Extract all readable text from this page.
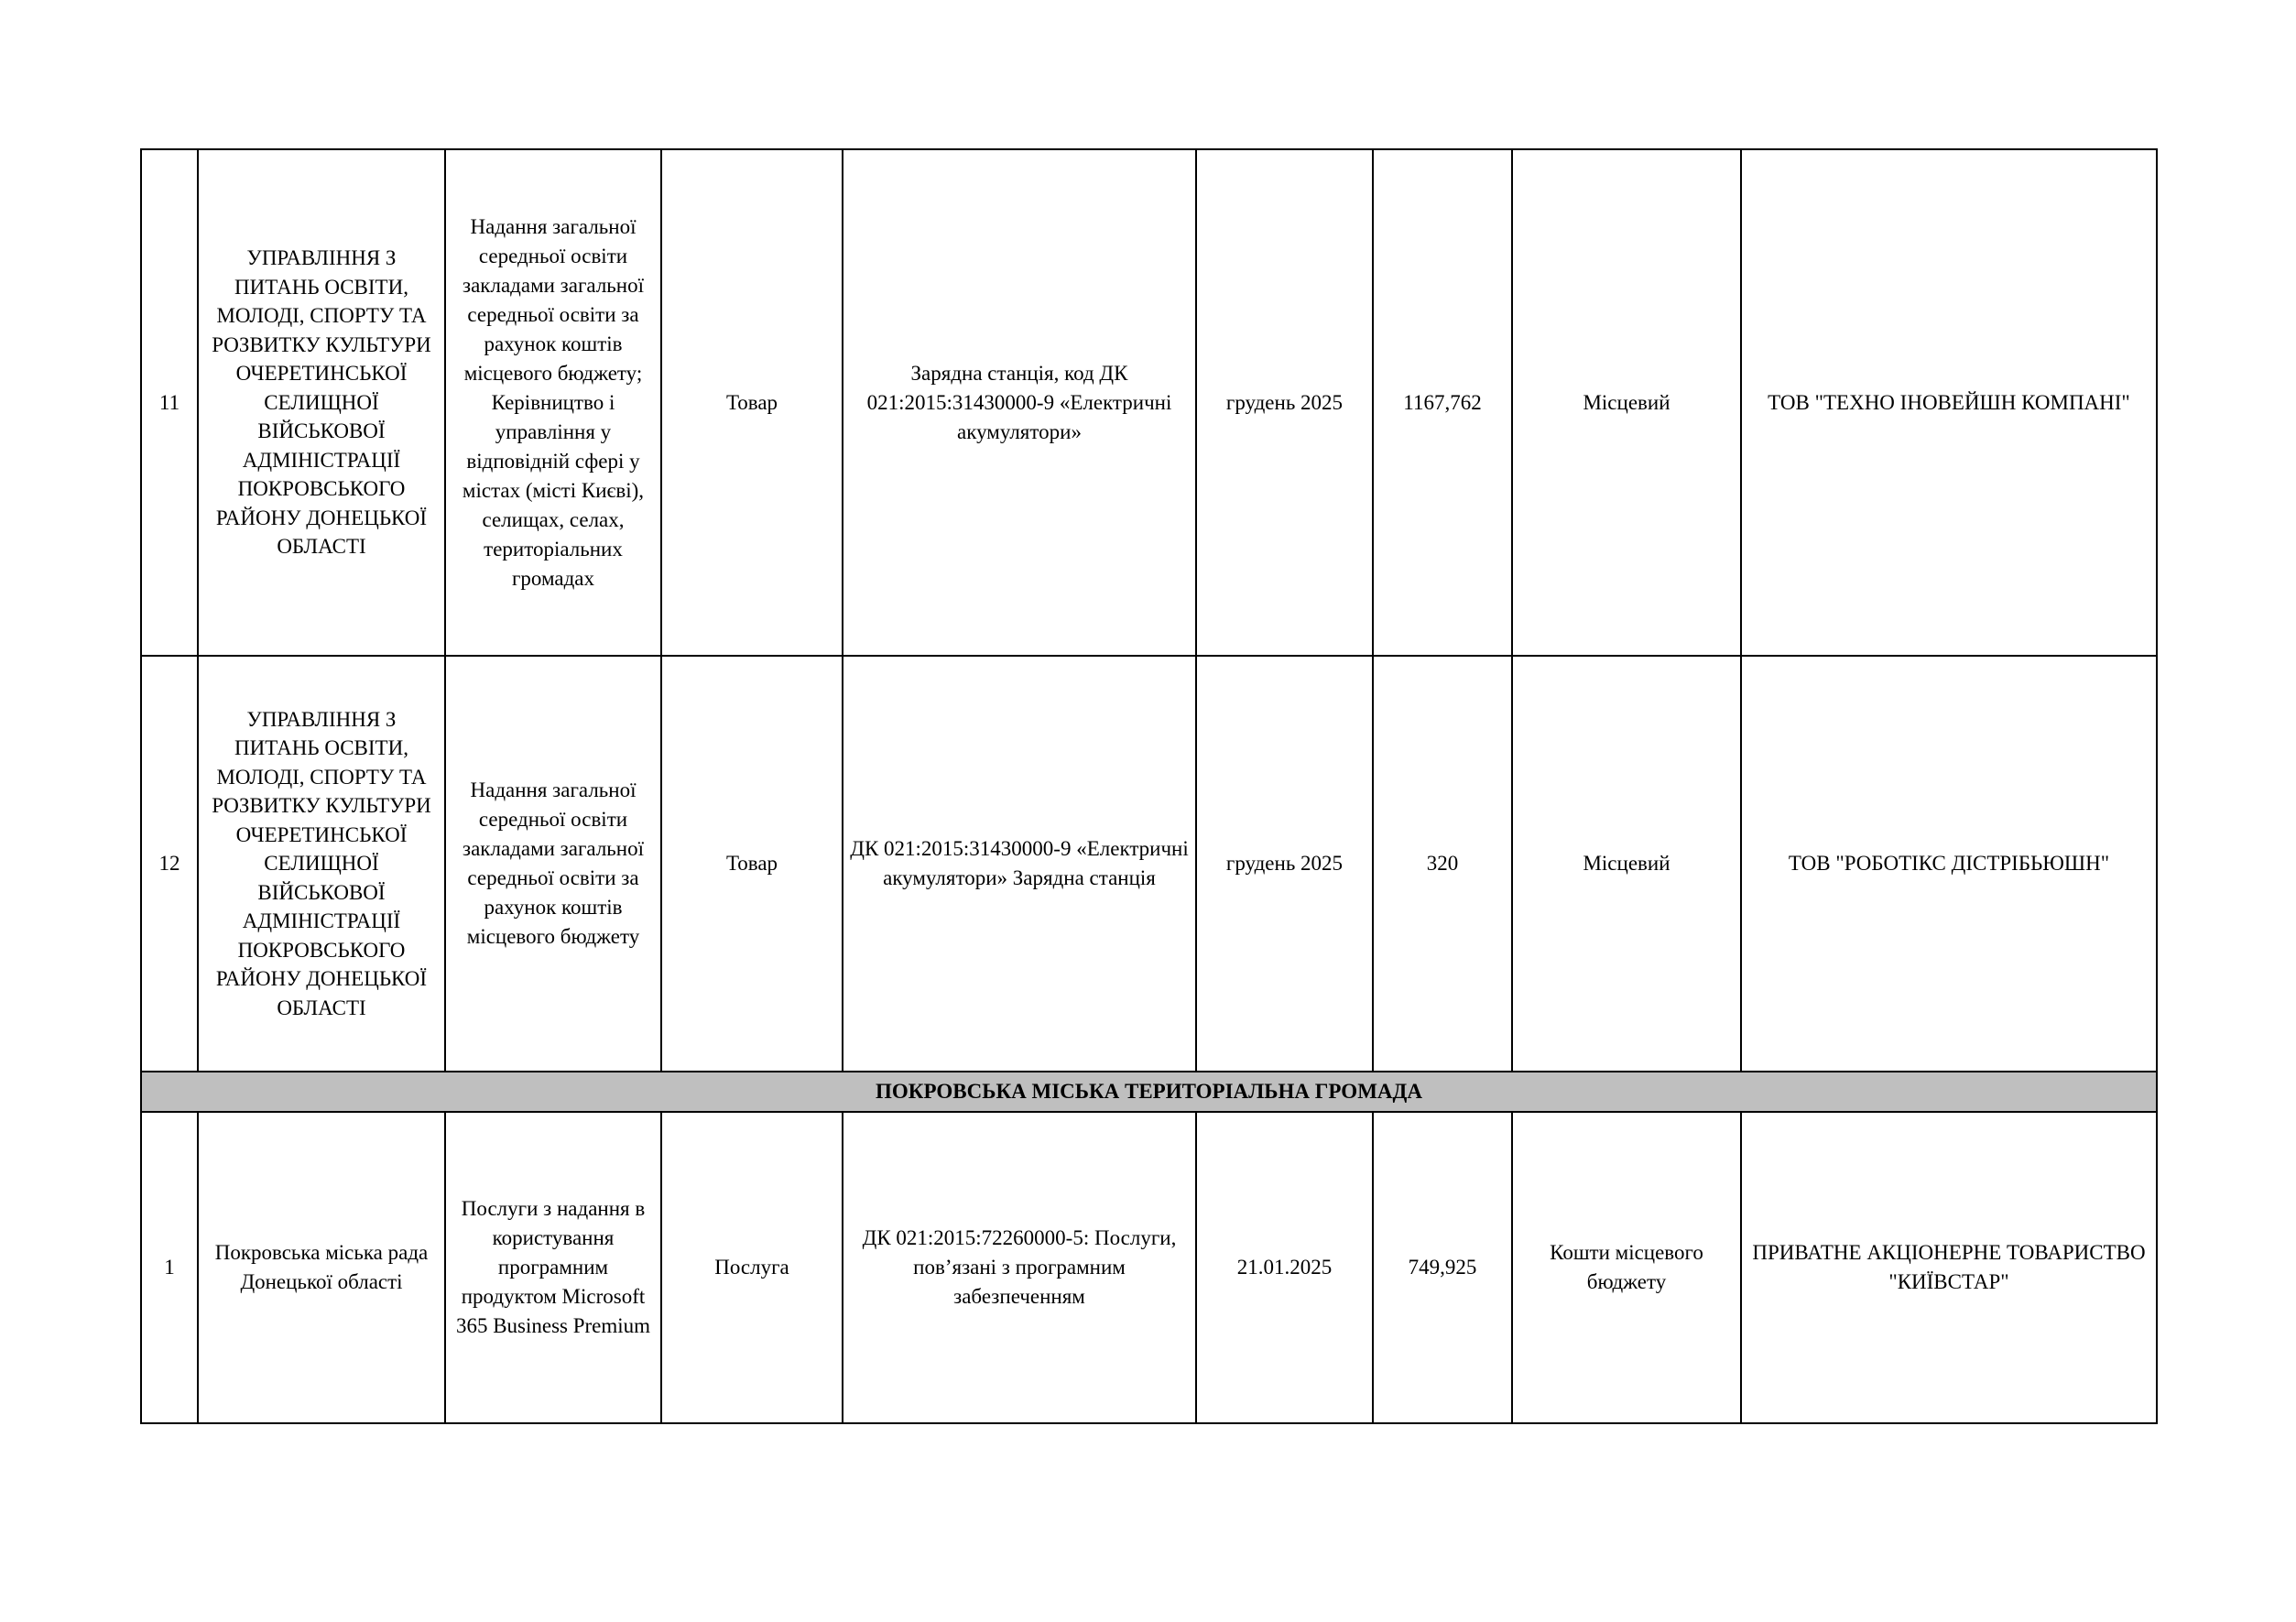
11	УПРАВЛІННЯ З ПИТАНЬ ОСВІТИ, МОЛОДІ, СПОРТУ ТА РОЗВИТКУ КУЛЬТУРИ ОЧЕРЕТИНСЬКОЇ СЕЛИЩНОЇ ВІЙСЬКОВОЇ АДМІНІСТРАЦІЇ ПОКРОВСЬКОГО РАЙОНУ ДОНЕЦЬКОЇ ОБЛАСТІ	Надання загальної середньої освіти закладами загальної середньої освіти за рахунок коштів місцевого бюджету; Керівництво і управління у відповідній сфері у містах (місті Києві), селищах, селах, територіальних громадах	Товар	Зарядна станція, код ДК 021:2015:31430000-9 «Електричні акумулятори»	грудень 2025	1167,762	Місцевий	ТОВ "ТЕХНО ІНОВЕЙШН КОМПАНІ"
12	УПРАВЛІННЯ З ПИТАНЬ ОСВІТИ, МОЛОДІ, СПОРТУ ТА РОЗВИТКУ КУЛЬТУРИ ОЧЕРЕТИНСЬКОЇ СЕЛИЩНОЇ ВІЙСЬКОВОЇ АДМІНІСТРАЦІЇ ПОКРОВСЬКОГО РАЙОНУ ДОНЕЦЬКОЇ ОБЛАСТІ	Надання загальної середньої освіти закладами загальної середньої освіти за рахунок коштів місцевого бюджету	Товар	ДК 021:2015:31430000-9 «Електричні акумулятори» Зарядна станція	грудень 2025	320	Місцевий	ТОВ "РОБОТІКС ДІСТРІБЬЮШН"
ПОКРОВСЬКА МІСЬКА ТЕРИТОРІАЛЬНА ГРОМАДА								
1	Покровська міська рада Донецької області	Послуги з надання в користування програмним продуктом Microsoft 365 Business Premium	Послуга	ДК 021:2015:72260000-5: Послуги, пов’язані з програмним забезпеченням	21.01.2025	749,925	Кошти місцевого бюджету	ПРИВАТНЕ АКЦІОНЕРНЕ ТОВАРИСТВО "КИЇВСТАР"
